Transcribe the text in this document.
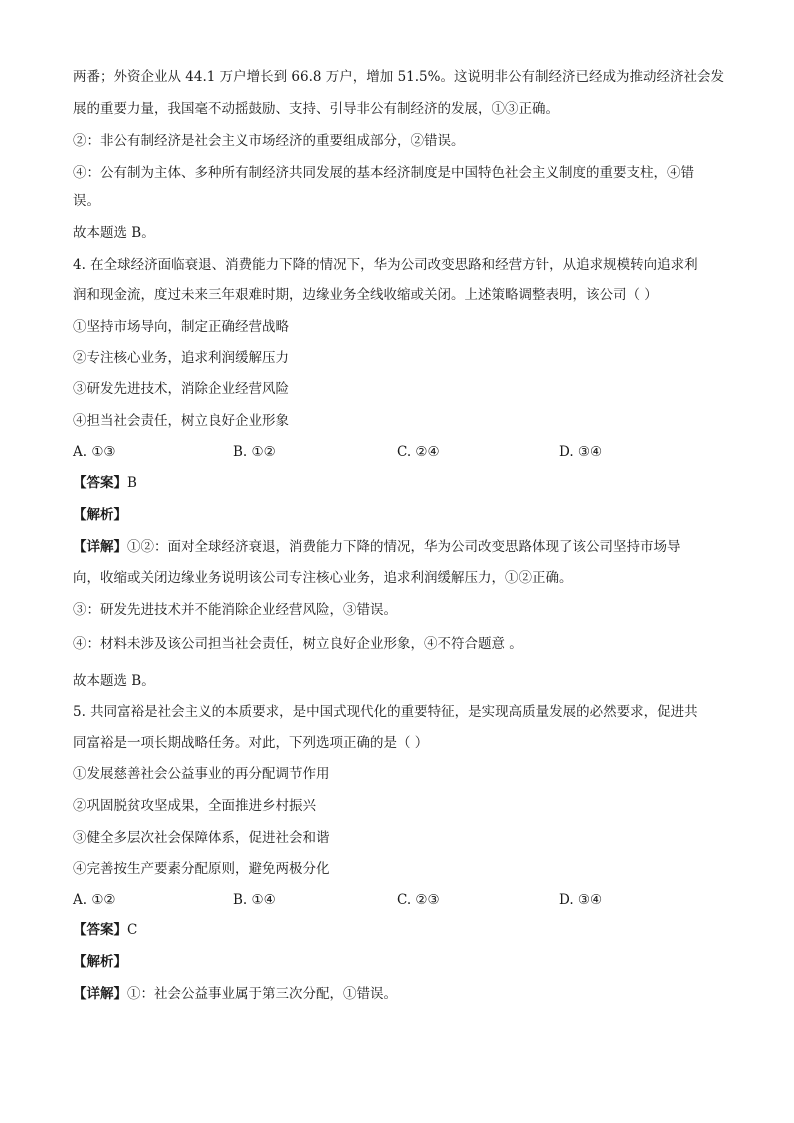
两番；外资企业从 44.1 万户增长到 66.8 万户，增加 51.5%。这说明非公有制经济已经成为推动经济社会发
展的重要力量，我国毫不动摇鼓励、支持、引导非公有制经济的发展，①③正确。
②：非公有制经济是社会主义市场经济的重要组成部分，②错误。
④：公有制为主体、多种所有制经济共同发展的基本经济制度是中国特色社会主义制度的重要支柱，④错
误。
故本题选 B。
4. 在全球经济面临衰退、消费能力下降的情况下，华为公司改变思路和经营方针，从追求规模转向追求利
润和现金流，度过未来三年艰难时期，边缘业务全线收缩或关闭。上述策略调整表明，该公司（ ）
①坚持市场导向，制定正确经营战略
②专注核心业务，追求利润缓解压力
③研发先进技术，消除企业经营风险
④担当社会责任，树立良好企业形象
A. ①③	B. ①②	C. ②④	D. ③④
【答案】B
【解析】
【详解】①②：面对全球经济衰退，消费能力下降的情况，华为公司改变思路体现了该公司坚持市场导
向，收缩或关闭边缘业务说明该公司专注核心业务，追求利润缓解压力，①②正确。
③：研发先进技术并不能消除企业经营风险，③错误。
④：材料未涉及该公司担当社会责任，树立良好企业形象，④不符合题意 。
故本题选 B。
5. 共同富裕是社会主义的本质要求，是中国式现代化的重要特征，是实现高质量发展的必然要求，促进共
同富裕是一项长期战略任务。对此，下列选项正确的是（ ）
①发展慈善社会公益事业的再分配调节作用
②巩固脱贫攻坚成果，全面推进乡村振兴
③健全多层次社会保障体系，促进社会和谐
④完善按生产要素分配原则，避免两极分化
A. ①②	B. ①④	C. ②③	D. ③④
【答案】C
【解析】
【详解】①：社会公益事业属于第三次分配，①错误。
